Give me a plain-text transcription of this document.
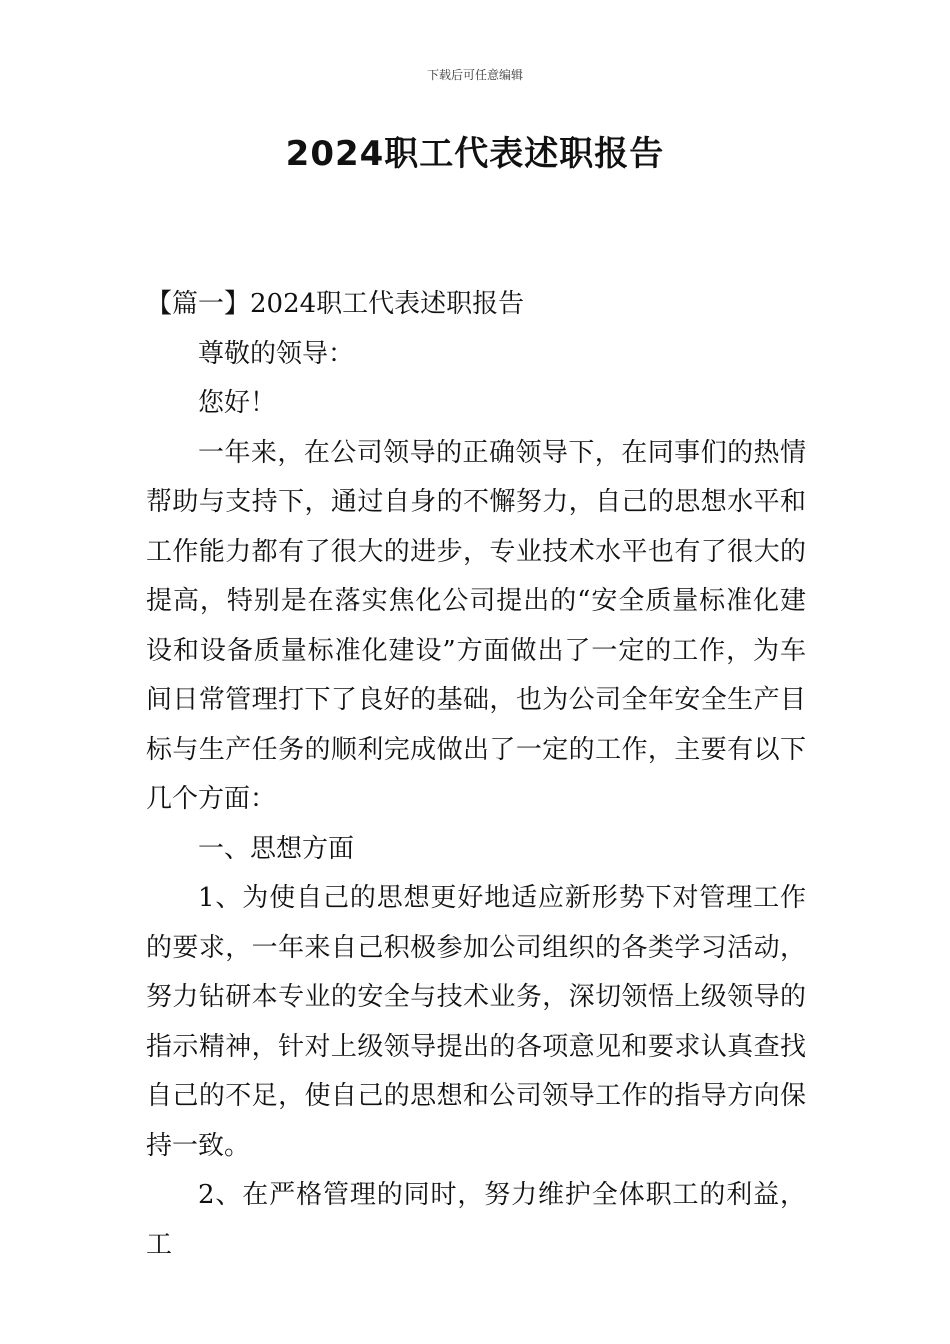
下载后可任意编辑
2024职工代表述职报告

【篇一】2024职工代表述职报告

尊敬的领导：

您好！

一年来，在公司领导的正确领导下，在同事们的热情帮助与支持下，通过自身的不懈努力，自己的思想水平和工作能力都有了很大的进步，专业技术水平也有了很大的提高，特别是在落实焦化公司提出的“安全质量标准化建设和设备质量标准化建设”方面做出了一定的工作，为车间日常管理打下了良好的基础，也为公司全年安全生产目标与生产任务的顺利完成做出了一定的工作，主要有以下几个方面：

一、思想方面

1、为使自己的思想更好地适应新形势下对管理工作的要求，一年来自己积极参加公司组织的各类学习活动，努力钻研本专业的安全与技术业务，深切领悟上级领导的指示精神，针对上级领导提出的各项意见和要求认真查找自己的不足，使自己的思想和公司领导工作的指导方向保持一致。

2、在严格管理的同时，努力维护全体职工的利益，工
